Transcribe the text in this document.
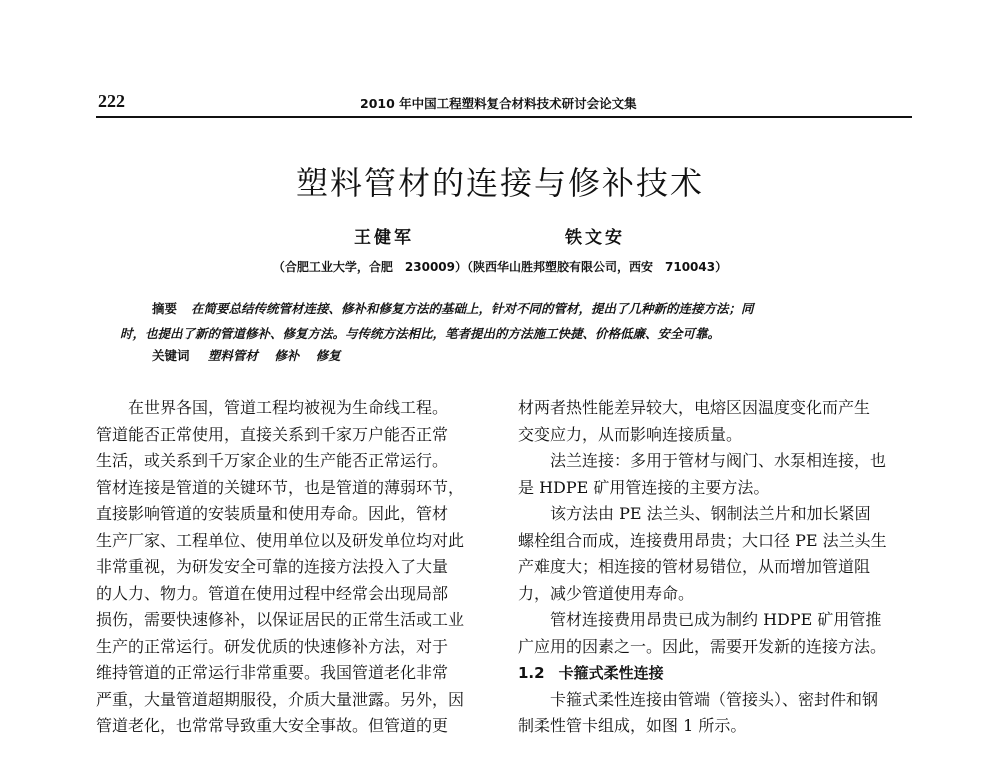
222	2010 年中国工程塑料复合材料技术研讨会论文集
塑料管材的连接与修补技术
王健军	铁文安
（合肥工业大学，合肥　230009）（陕西华山胜邦塑胶有限公司，西安　710043）
摘要 在简要总结传统管材连接、修补和修复方法的基础上，针对不同的管材，提出了几种新的连接方法；同
时，也提出了新的管道修补、修复方法。与传统方法相比，笔者提出的方法施工快捷、价格低廉、安全可靠。
关键词 塑料管材 修补 修复
在世界各国，管道工程均被视为生命线工程。
管道能否正常使用，直接关系到千家万户能否正常
生活，或关系到千万家企业的生产能否正常运行。
管材连接是管道的关键环节，也是管道的薄弱环节，
直接影响管道的安装质量和使用寿命。因此，管材
生产厂家、工程单位、使用单位以及研发单位均对此
非常重视，为研发安全可靠的连接方法投入了大量
的人力、物力。管道在使用过程中经常会出现局部
损伤，需要快速修补，以保证居民的正常生活或工业
生产的正常运行。研发优质的快速修补方法，对于
维持管道的正常运行非常重要。我国管道老化非常
严重，大量管道超期服役，介质大量泄露。另外，因
管道老化，也常常导致重大安全事故。但管道的更
材两者热性能差异较大，电熔区因温度变化而产生
交变应力，从而影响连接质量。
法兰连接：多用于管材与阀门、水泵相连接，也
是 HDPE 矿用管连接的主要方法。
该方法由 PE 法兰头、钢制法兰片和加长紧固
螺栓组合而成，连接费用昂贵；大口径 PE 法兰头生
产难度大；相连接的管材易错位，从而增加管道阻
力，减少管道使用寿命。
管材连接费用昂贵已成为制约 HDPE 矿用管推
广应用的因素之一。因此，需要开发新的连接方法。
1.2 卡箍式柔性连接
卡箍式柔性连接由管端（管接头）、密封件和钢
制柔性管卡组成，如图 1 所示。
